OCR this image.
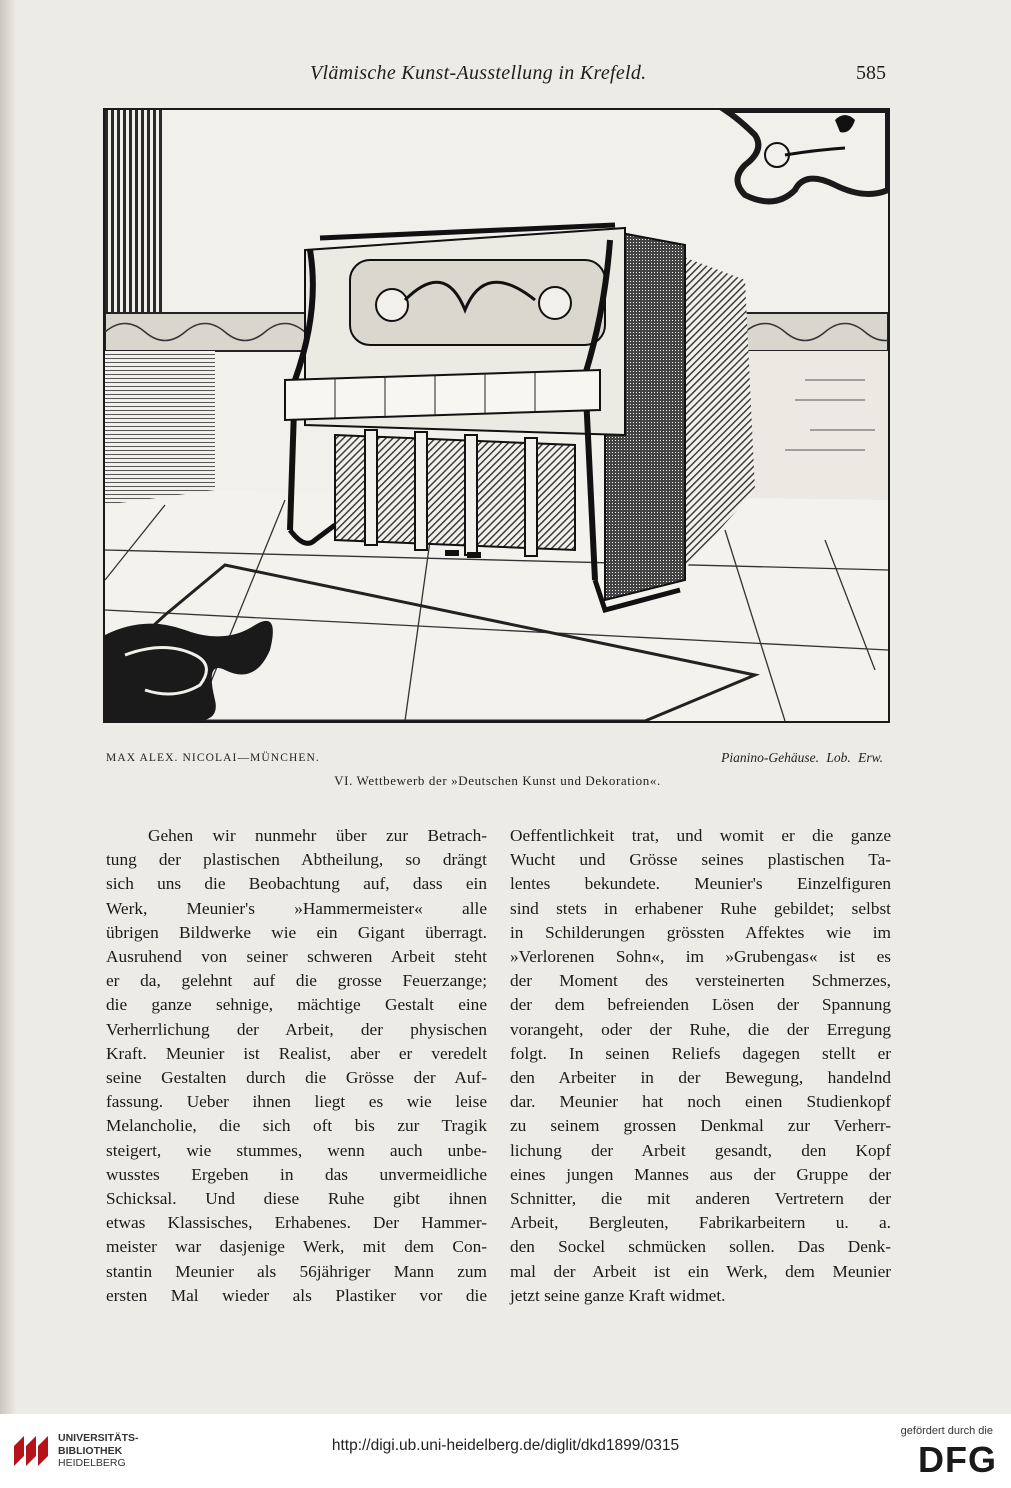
Vlämische Kunst-Ausstellung in Krefeld.	585
MAX ALEX. NICOLAI—MÜNCHEN.	Pianino-Gehäuse. Lob. Erw.
VI. Wettbewerb der »Deutschen Kunst und Dekoration«.

Gehen wir nunmehr über zur Betrach-

tung der plastischen Abtheilung, so drängt

sich uns die Beobachtung auf, dass ein

Werk, Meunier's »Hammermeister« alle

übrigen Bildwerke wie ein Gigant überragt.

Ausruhend von seiner schweren Arbeit steht

er da, gelehnt auf die grosse Feuerzange;

die ganze sehnige, mächtige Gestalt eine

Verherrlichung der Arbeit, der physischen

Kraft. Meunier ist Realist, aber er veredelt

seine Gestalten durch die Grösse der Auf-

fassung. Ueber ihnen liegt es wie leise

Melancholie, die sich oft bis zur Tragik

steigert, wie stummes, wenn auch unbe-

wusstes Ergeben in das unvermeidliche

Schicksal. Und diese Ruhe gibt ihnen

etwas Klassisches, Erhabenes. Der Hammer-

meister war dasjenige Werk, mit dem Con-

stantin Meunier als 56jähriger Mann zum

ersten Mal wieder als Plastiker vor die

Oeffentlichkeit trat, und womit er die ganze

Wucht und Grösse seines plastischen Ta-

lentes bekundete. Meunier's Einzelfiguren

sind stets in erhabener Ruhe gebildet; selbst

in Schilderungen grössten Affektes wie im

»Verlorenen Sohn«, im »Grubengas« ist es

der Moment des versteinerten Schmerzes,

der dem befreienden Lösen der Spannung

vorangeht, oder der Ruhe, die der Erregung

folgt. In seinen Reliefs dagegen stellt er

den Arbeiter in der Bewegung, handelnd

dar. Meunier hat noch einen Studienkopf

zu seinem grossen Denkmal zur Verherr-

lichung der Arbeit gesandt, den Kopf

eines jungen Mannes aus der Gruppe der

Schnitter, die mit anderen Vertretern der

Arbeit, Bergleuten, Fabrikarbeitern u. a.

den Sockel schmücken sollen. Das Denk-

mal der Arbeit ist ein Werk, dem Meunier

jetzt seine ganze Kraft widmet.

UNIVERSITÄTS-
BIBLIOTHEK
HEIDELBERG
http://digi.ub.uni-heidelberg.de/diglit/dkd1899/0315
gefördert durch die
DFG
